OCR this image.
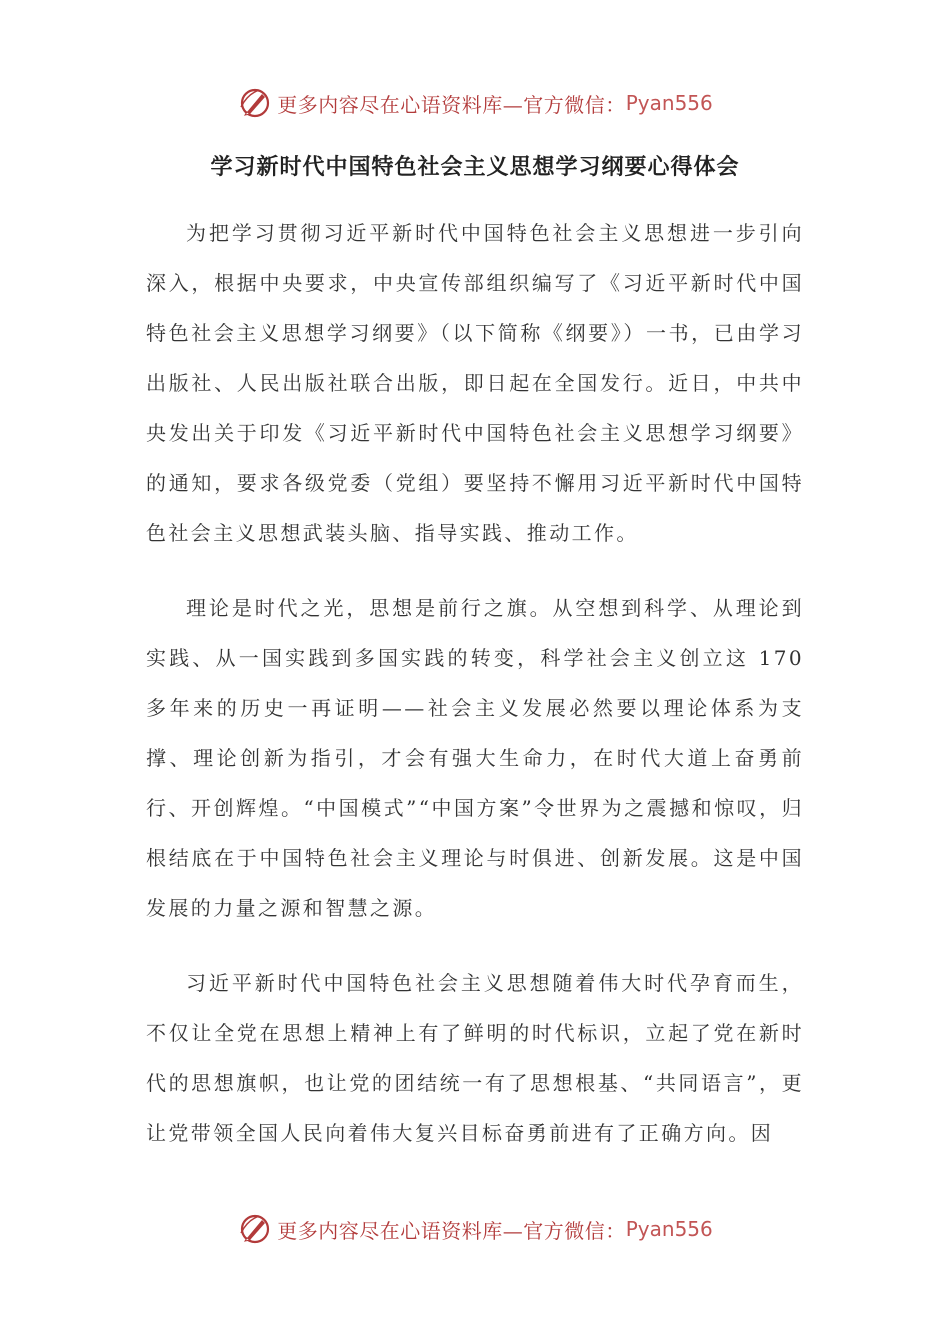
更多内容尽在心语资料库—官方微信： Pyan556
学习新时代中国特色社会主义思想学习纲要心得体会

为把学习贯彻习近平新时代中国特色社会主义思想进一步引向深入，根据中央要求，中央宣传部组织编写了《习近平新时代中国特色社会主义思想学习纲要》（以下简称《纲要》）一书，已由学习出版社、人民出版社联合出版，即日起在全国发行。近日，中共中央发出关于印发《习近平新时代中国特色社会主义思想学习纲要》的通知，要求各级党委（党组）要坚持不懈用习近平新时代中国特色社会主义思想武装头脑、指导实践、推动工作。

理论是时代之光，思想是前行之旗。从空想到科学、从理论到实践、从一国实践到多国实践的转变，科学社会主义创立这 170 多年来的历史一再证明——社会主义发展必然要以理论体系为支撑、理论创新为指引，才会有强大生命力，在时代大道上奋勇前行、开创辉煌。“中国模式”“中国方案”令世界为之震撼和惊叹，归根结底在于中国特色社会主义理论与时俱进、创新发展。这是中国发展的力量之源和智慧之源。

习近平新时代中国特色社会主义思想随着伟大时代孕育而生，不仅让全党在思想上精神上有了鲜明的时代标识，立起了党在新时代的思想旗帜，也让党的团结统一有了思想根基、“共同语言”，更让党带领全国人民向着伟大复兴目标奋勇前进有了正确方向。因

更多内容尽在心语资料库—官方微信： Pyan556
